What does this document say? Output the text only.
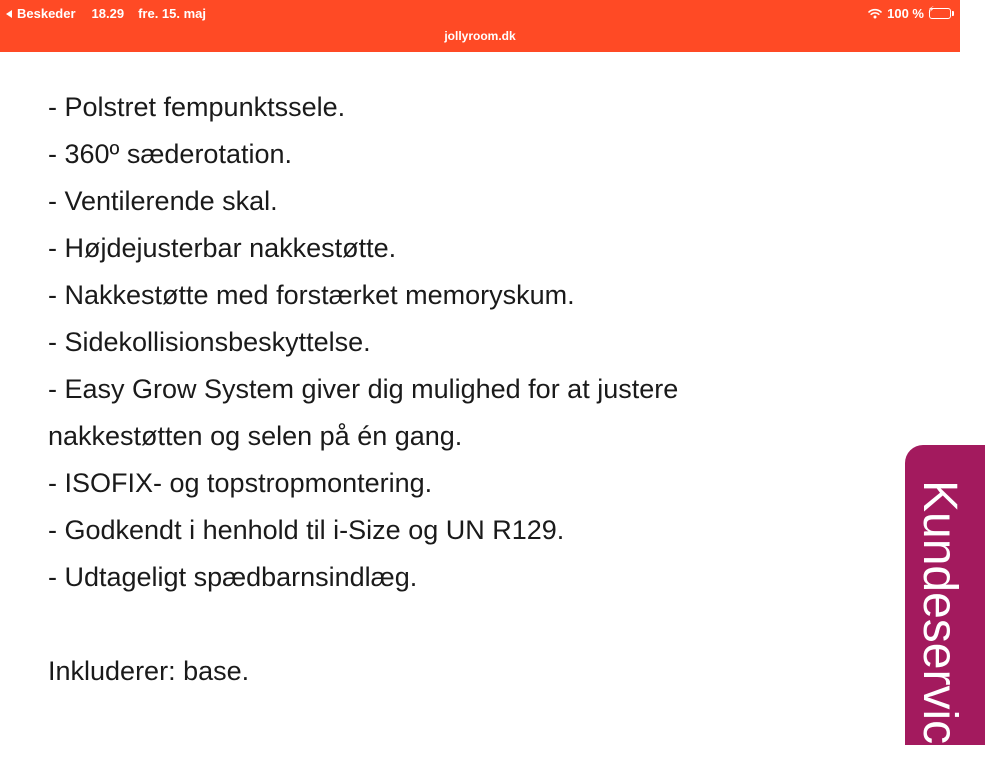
Beskeder 18.29 fre. 15. maj	100 % ⚡
jollyroom.dk
- Polstret fempunktssele.
- 360º sæderotation.
- Ventilerende skal.
- Højdejusterbar nakkestøtte.
- Nakkestøtte med forstærket memoryskum.
- Sidekollisionsbeskyttelse.
- Easy Grow System giver dig mulighed for at justere
nakkestøtten og selen på én gang.
- ISOFIX- og topstropmontering.
- Godkendt i henhold til i-Size og UN R129.
- Udtageligt spædbarnsindlæg.
Inkluderer: base.	Kundeservice
